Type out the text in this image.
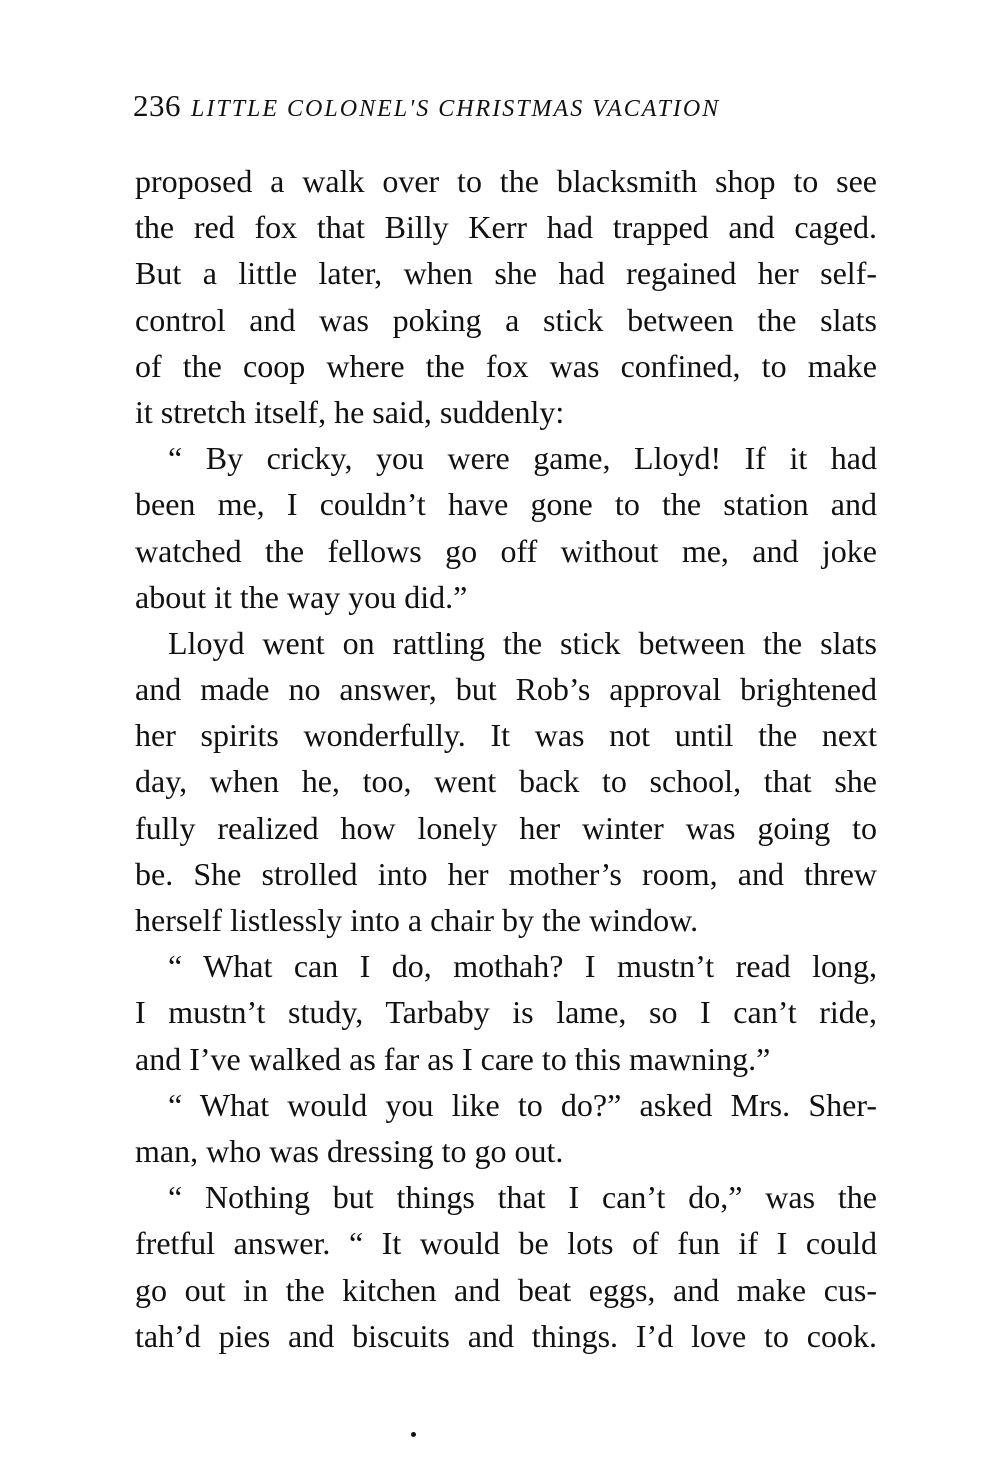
236 LITTLE COLONEL'S CHRISTMAS VACATION
proposed a walk over to the blacksmith shop to see
the red fox that Billy Kerr had trapped and caged.
But a little later, when she had regained her self-
control and was poking a stick between the slats
of the coop where the fox was confined, to make
it stretch itself, he said, suddenly:
“ By cricky, you were game, Lloyd! If it had
been me, I couldn’t have gone to the station and
watched the fellows go off without me, and joke
about it the way you did.”
Lloyd went on rattling the stick between the slats
and made no answer, but Rob’s approval brightened
her spirits wonderfully. It was not until the next
day, when he, too, went back to school, that she
fully realized how lonely her winter was going to
be. She strolled into her mother’s room, and threw
herself listlessly into a chair by the window.
“ What can I do, mothah? I mustn’t read long,
I mustn’t study, Tarbaby is lame, so I can’t ride,
and I’ve walked as far as I care to this mawning.”
“ What would you like to do?” asked Mrs. Sher-
man, who was dressing to go out.
“ Nothing but things that I can’t do,” was the
fretful answer. “ It would be lots of fun if I could
go out in the kitchen and beat eggs, and make cus-
tah’d pies and biscuits and things. I’d love to cook.
